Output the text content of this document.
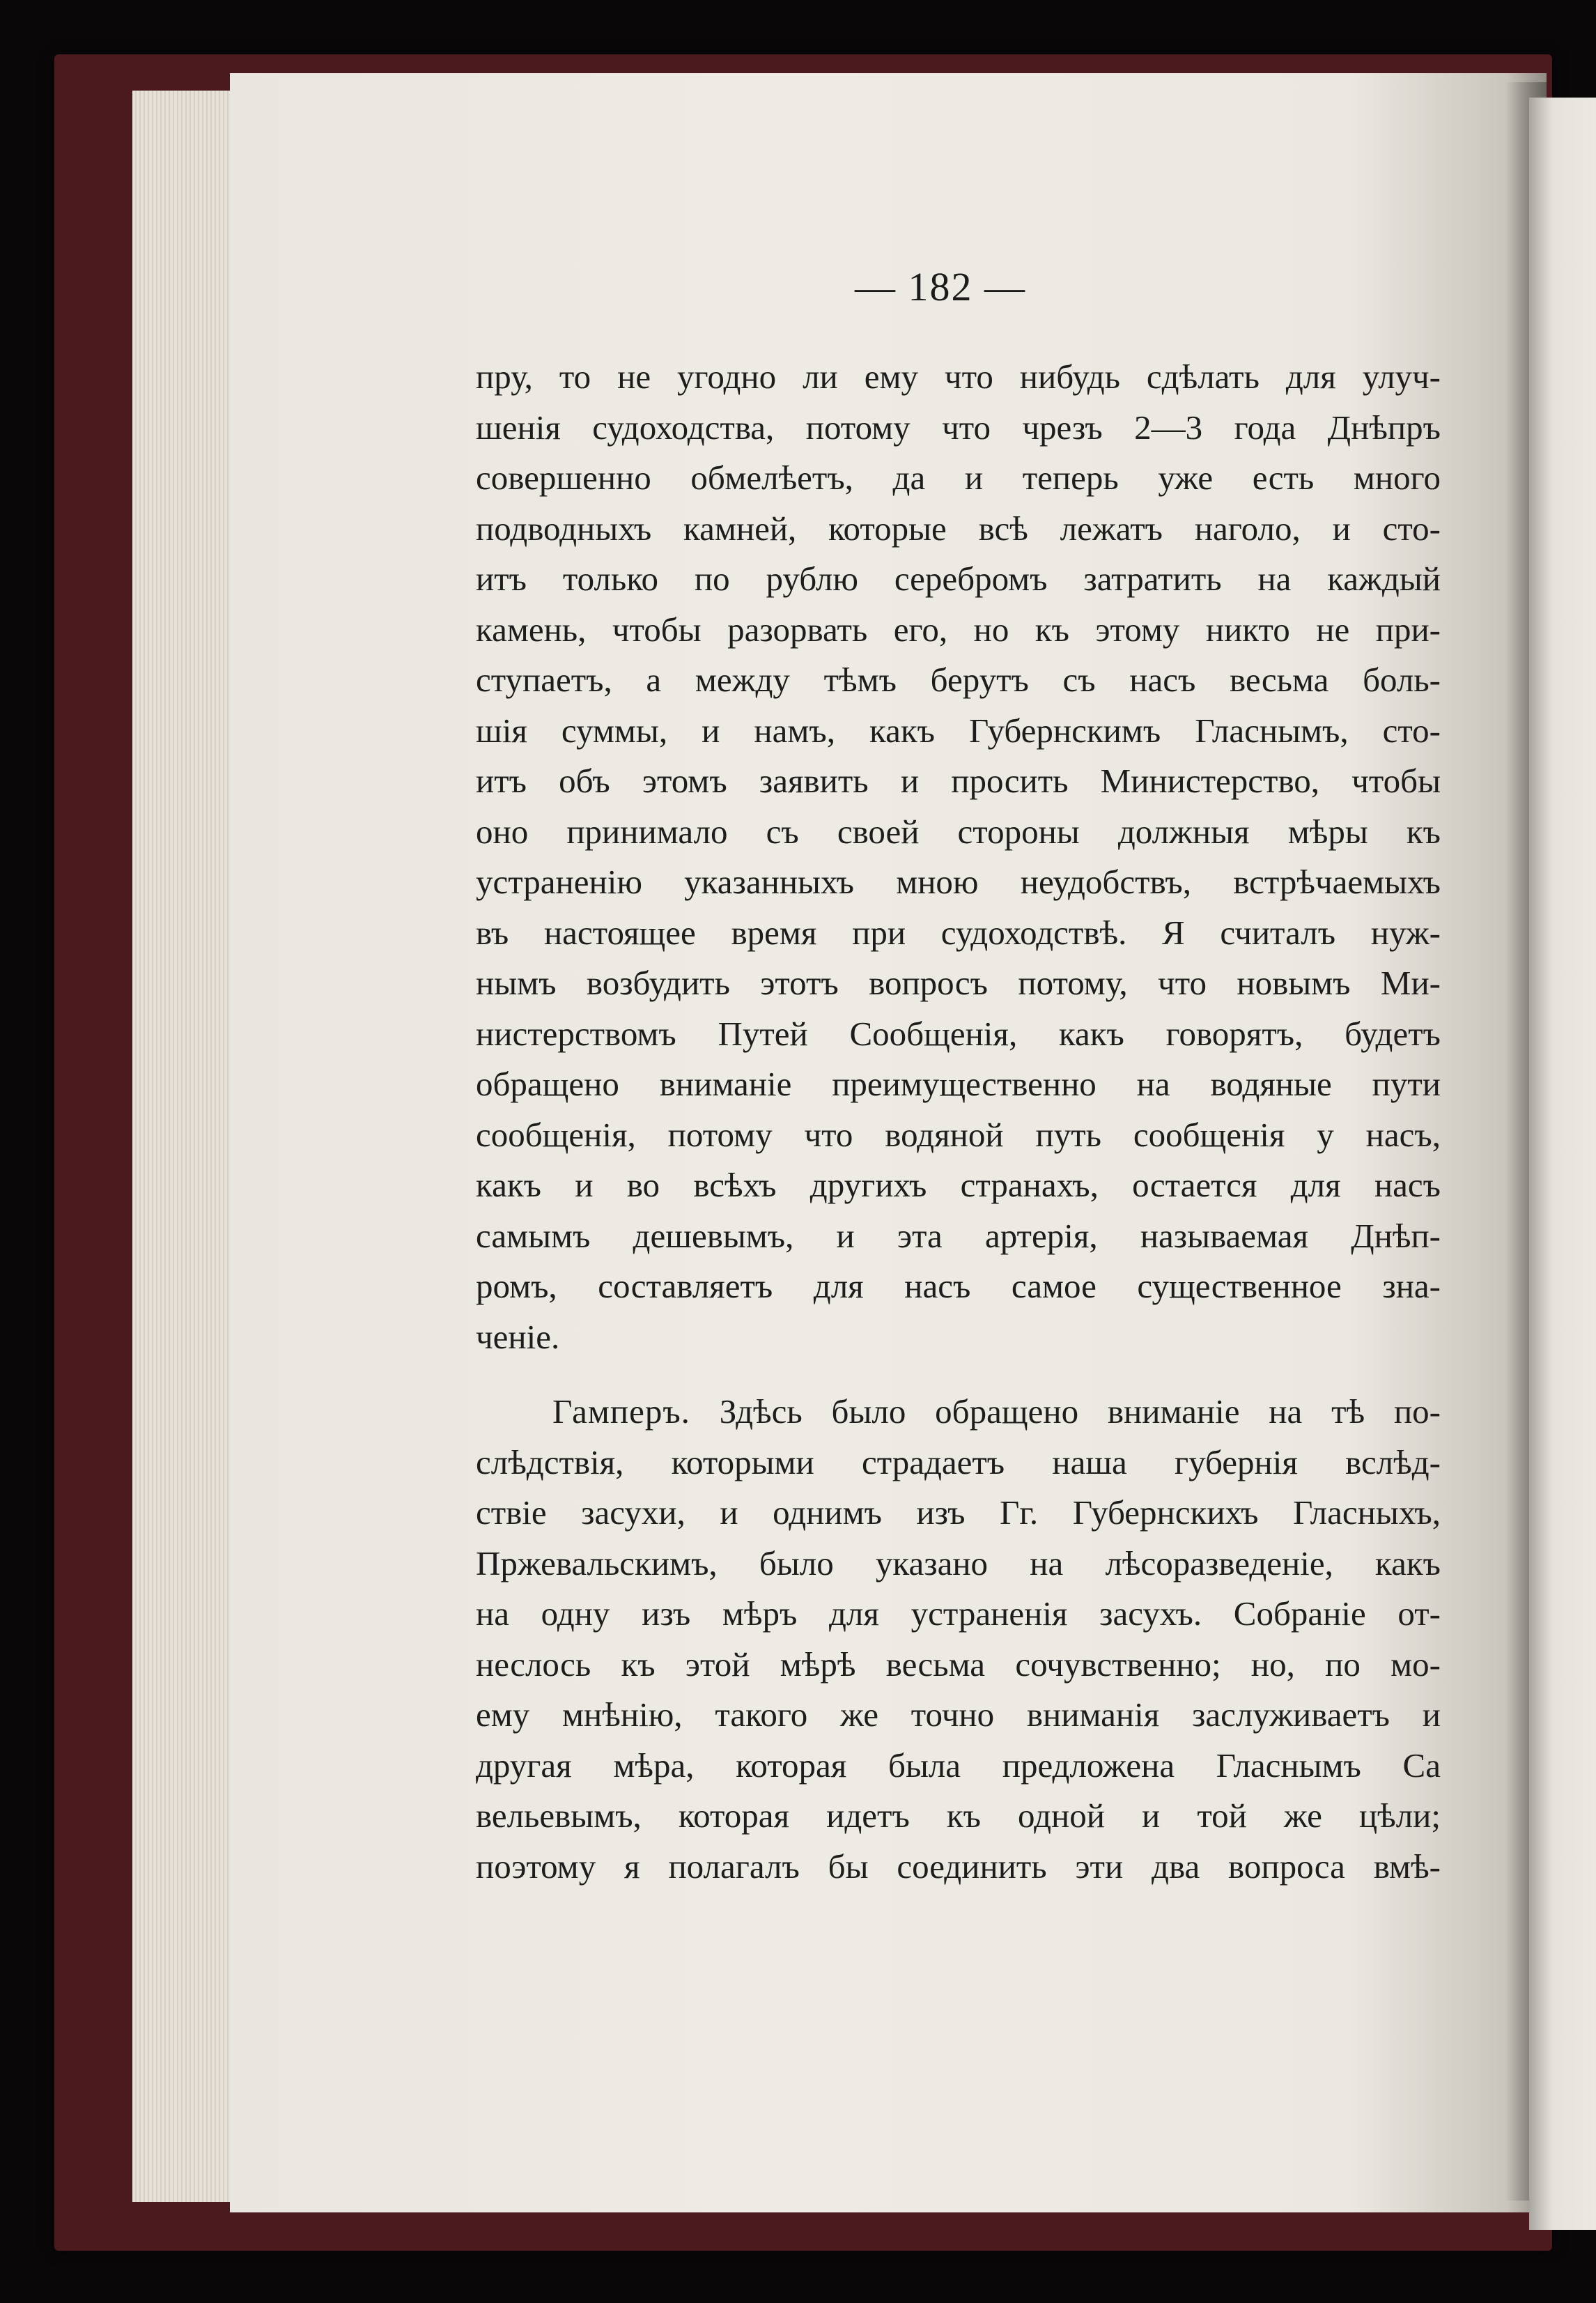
— 182 —
пру, то не угодно ли ему что нибудь сдѣлать для улуч-
шенія судоходства, потому что чрезъ 2—3 года Днѣпръ
совершенно обмелѣетъ, да и теперь уже есть много
подводныхъ камней, которые всѣ лежатъ наголо, и сто-
итъ только по рублю серебромъ затратить на каждый
камень, чтобы разорвать его, но къ этому никто не при-
ступаетъ, а между тѣмъ берутъ съ насъ весьма боль-
шія суммы, и намъ, какъ Губернскимъ Гласнымъ, сто-
итъ объ этомъ заявить и просить Министерство, чтобы
оно принимало съ своей стороны должныя мѣры къ
устраненію указанныхъ мною неудобствъ, встрѣчаемыхъ
въ настоящее время при судоходствѣ. Я считалъ нуж-
нымъ возбудить этотъ вопросъ потому, что новымъ Ми-
нистерствомъ Путей Сообщенія, какъ говорятъ, будетъ
обращено вниманіе преимущественно на водяные пути
сообщенія, потому что водяной путь сообщенія у насъ,
какъ и во всѣхъ другихъ странахъ, остается для насъ
самымъ дешевымъ, и эта артерія, называемая Днѣп-
ромъ, составляетъ для насъ самое существенное зна-
ченіе.
Гамперъ. Здѣсь было обращено вниманіе на тѣ по-
слѣдствія, которыми страдаетъ наша губернія вслѣд-
ствіе засухи, и однимъ изъ Гг. Губернскихъ Гласныхъ,
Пржевальскимъ, было указано на лѣсоразведеніе, какъ
на одну изъ мѣръ для устраненія засухъ. Собраніе от-
неслось къ этой мѣрѣ весьма сочувственно; но, по мо-
ему мнѣнію, такого же точно вниманія заслуживаетъ и
другая мѣра, которая была предложена Гласнымъ Са
вельевымъ, которая идетъ къ одной и той же цѣли;
поэтому я полагалъ бы соединить эти два вопроса вмѣ-
